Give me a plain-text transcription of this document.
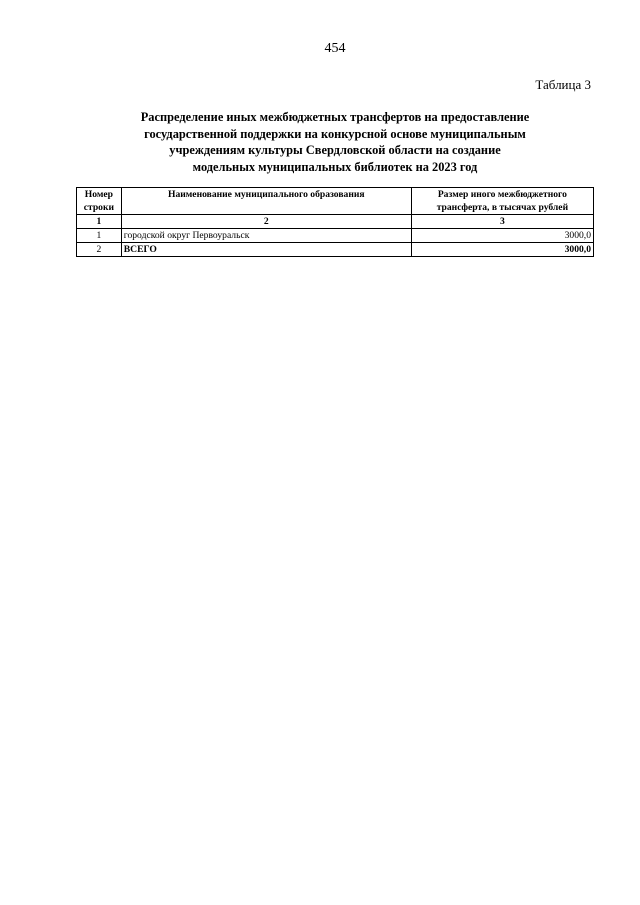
454
Таблица 3
Распределение иных межбюджетных трансфертов на предоставление
государственной поддержки на конкурсной основе муниципальным
учреждениям культуры Свердловской области на создание
модельных муниципальных библиотек на 2023 год
Номер строки	Наименование муниципального образования	Размер иного межбюджетного трансферта, в тысячах рублей
1	2	3
1	городской округ Первоуральск	3000,0
2	ВСЕГО	3000,0
